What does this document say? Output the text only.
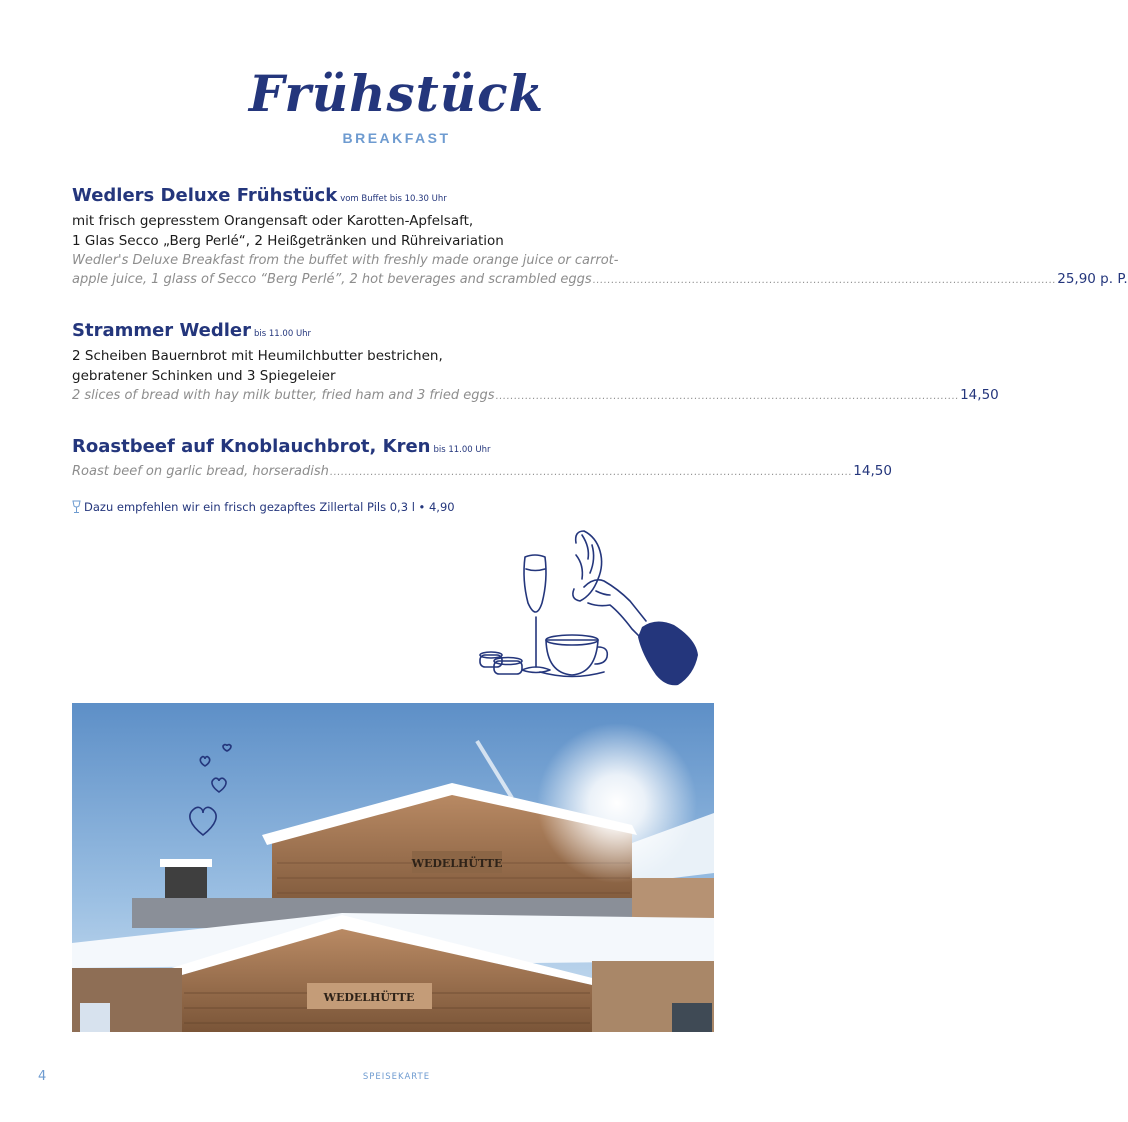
Frühstück
BREAKFAST
Wedlers Deluxe Frühstück vom Buffet bis 10.30 Uhr
mit frisch gepresstem Orangensaft oder Karotten-Apfelsaft,
1 Glas Secco „Berg Perlé“, 2 Heißgetränken und Rühreivariation
Wedler's Deluxe Breakfast from the buffet with freshly made orange juice or carrot-
apple juice, 1 glass of Secco “Berg Perlé”, 2 hot beverages and scrambled eggs .............................................................................................................................. 25,90 p. P.
Strammer Wedler bis 11.00 Uhr
2 Scheiben Bauernbrot mit Heumilchbutter bestrichen,
gebratener Schinken und 3 Spiegeleier
2 slices of bread with hay milk butter, fried ham and 3 fried eggs .............................................................................................................................. 14,50
Roastbeef auf Knoblauchbrot, Kren bis 11.00 Uhr
Roast beef on garlic bread, horseradish .............................................................................................................................................. 14,50
Dazu empfehlen wir ein frisch gezapftes Zillertal Pils 0,3 l • 4,90
WEDELHÜTTE
WEDELHÜTTE
4	SPEISEKARTE
